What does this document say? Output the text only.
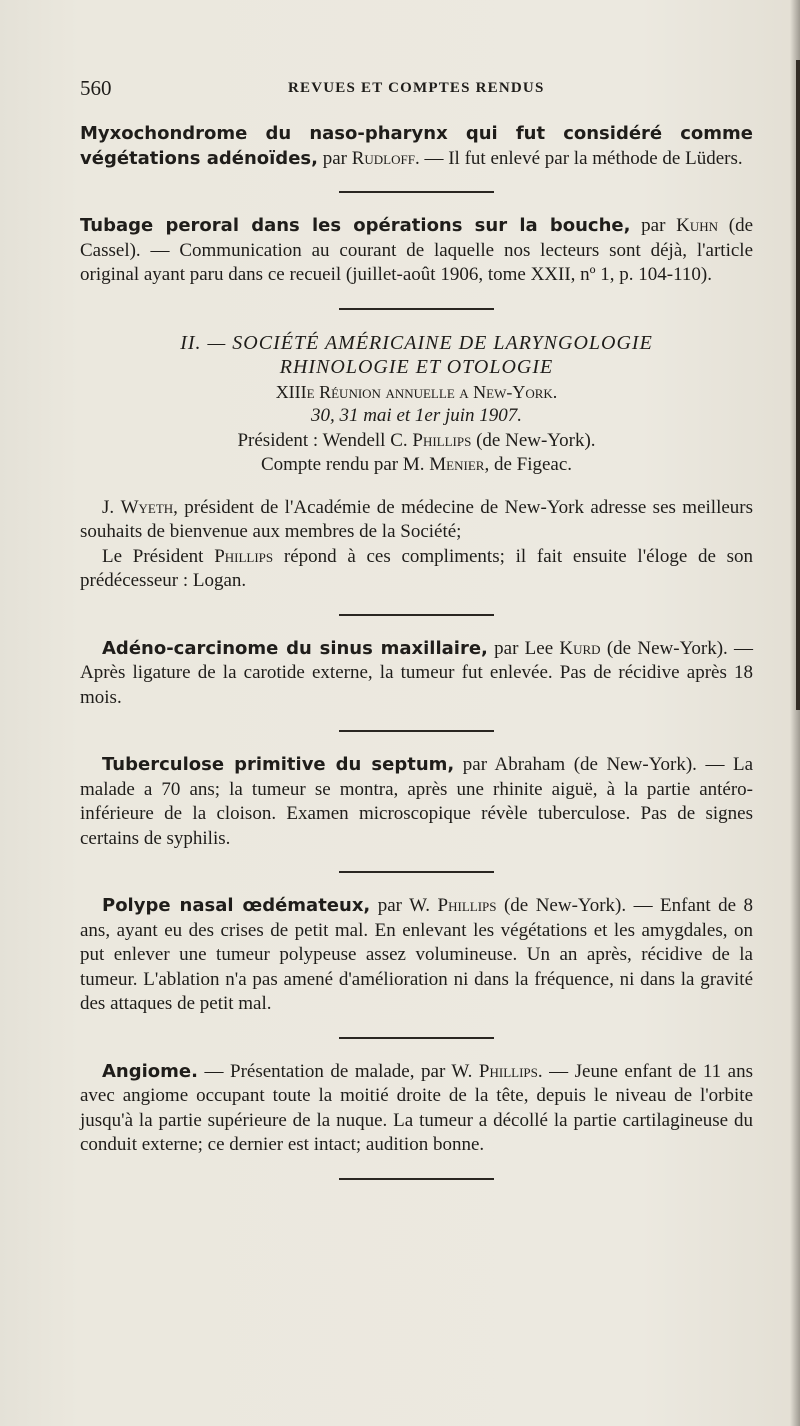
560	REVUES ET COMPTES RENDUS

Myxochondrome du naso-pharynx qui fut considéré comme végétations adénoïdes, par Rudloff. — Il fut enlevé par la méthode de Lüders.

Tubage peroral dans les opérations sur la bouche, par Kuhn (de Cassel). — Communication au courant de laquelle nos lecteurs sont déjà, l'article original ayant paru dans ce recueil (juillet-août 1906, tome XXII, nº 1, p. 104-110).

II. — SOCIÉTÉ AMÉRICAINE DE LARYNGOLOGIE
RHINOLOGIE ET OTOLOGIE
XIIIe Réunion annuelle a New-York.
30, 31 mai et 1er juin 1907.
Président : Wendell C. Phillips (de New-York).
Compte rendu par M. Menier, de Figeac.

J. Wyeth, président de l'Académie de médecine de New-York adresse ses meilleurs souhaits de bienvenue aux membres de la Société;

Le Président Phillips répond à ces compliments; il fait ensuite l'éloge de son prédécesseur : Logan.

Adéno-carcinome du sinus maxillaire, par Lee Kurd (de New-York). — Après ligature de la carotide externe, la tumeur fut enlevée. Pas de récidive après 18 mois.

Tuberculose primitive du septum, par Abraham (de New-York). — La malade a 70 ans; la tumeur se montra, après une rhinite aiguë, à la partie antéro-inférieure de la cloison. Examen microscopique révèle tuberculose. Pas de signes certains de syphilis.

Polype nasal œdémateux, par W. Phillips (de New-York). — Enfant de 8 ans, ayant eu des crises de petit mal. En enlevant les végétations et les amygdales, on put enlever une tumeur polypeuse assez volumineuse. Un an après, récidive de la tumeur. L'ablation n'a pas amené d'amélioration ni dans la fréquence, ni dans la gravité des attaques de petit mal.

Angiome. — Présentation de malade, par W. Phillips. — Jeune enfant de 11 ans avec angiome occupant toute la moitié droite de la tête, depuis le niveau de l'orbite jusqu'à la partie supérieure de la nuque. La tumeur a décollé la partie cartilagineuse du conduit externe; ce dernier est intact; audition bonne.
